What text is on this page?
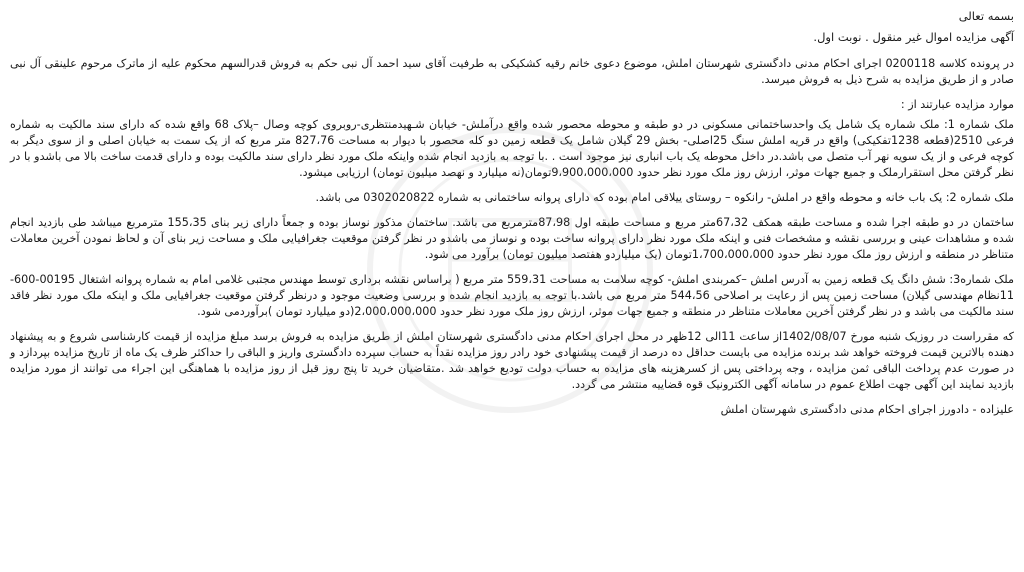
بسمه تعالی

آگهی مزایده اموال غیر منقول . نوبت اول.

در پرونده کلاسه 0200118 اجرای احکام مدنی دادگستری شهرستان املش، موضوع دعوی خانم رقیه کشکیکی به طرفیت آقای سید احمد آل نبی حکم به فروش قدرالسهم محکوم علیه از ماترک مرحوم علینقی آل نبی صادر و از طریق مزایده به شرح ذیل به فروش میرسد.

موارد مزایده عبارتند از :

ملک شماره 1: ملک شماره یک شامل یک واحدساختمانی مسکونی در دو طبقه و محوطه محصور شده واقع درآملش- خیابان شـهیدمنتظری-روبروی کوچه وصال –پلاک 68 واقع شده که دارای سند مالکیت به شماره فرعی 2510(قطعه 1238تفکیکی) واقع در قریه املش سنگ 25اصلی- بخش 29 گیلان شامل یک قطعه زمین دو کله محصور با دیوار به مساحت 827،76 متر مربع که از یک سمت به خیابان اصلی و از سوی دیگر به کوچه فرعی و از یک سویه نهر آب متصل می باشد.در داخل محوطه یک باب انباری نیز موجود است . .با توجه به بازدید انجام شده واینکه ملک مورد نظر دارای سند مالکیت بوده و دارای قدمت ساخت بالا می باشدو با در نظر گرفتن محل استقرارملک و جمیع جهات موثر، ارزش روز ملک مورد نظر حدود 9،900،000،000تومان(نه میلیارد و نهصد میلیون تومان) ارزیابی میشود.

ملک شماره 2: یک باب خانه و محوطه واقع در املش- رانکوه – روستای ییلاقی امام بوده که دارای پروانه ساختمانی به شماره 0302020822 می باشد.

ساختمان در دو طبقه اجرا شده و مساحت طبقه همکف 67،32متر مربع و مساحت طبقه اول 87،98مترمربع می باشد. ساختمان مذکور نوساز بوده و جمعاً دارای زیر بنای 155،35 مترمربع میباشد طی بازدید انجام شده و مشاهدات عینی و بررسی نقشه و مشخصات فنی و اینکه ملک مورد نظر دارای پروانه ساخت بوده و نوساز می باشدو در نظر گرفتن موقعیت جغرافیایی ملک و مساحت زیر بنای آن و لحاظ نمودن آخرین معاملات متناظر در منطقه و ارزش روز ملک مورد نظر حدود 1،700،000،000تومان (یک میلیاردو هفتصد میلیون تومان) برآورد می شود.

ملک شماره3: شش دانگ یک قطعه زمین به آدرس املش –کمربندی املش- کوچه سلامت به مساحت 559،31 متر مربع ( براساس نقشه برداری توسط مهندس مجتبی غلامی امام به شماره پروانه اشتغال 00195-600-11نظام مهندسی گیلان) مساحت زمین پس از رعایت بر اصلاحی 544،56 متر مربع می باشد.با توجه به بازدید انجام شده و بررسی وضعیت موجود و درنظر گرفتن موقعیت جغرافیایی ملک و اینکه ملک مورد نظر فاقد سند مالکیت می باشد و در نظر گرفتن آخرین معاملات متناظر در منطقه و جمیع جهات موثر، ارزش روز ملک مورد نظر حدود 2،000،000،000(دو میلیارد تومان )برآوردمی شود.

که مقرراست در روزیک شنبه مورخ 1402/08/07از ساعت 11الی 12ظهر در محل اجرای احکام مدنی دادگستری شهرستان املش از طریق مزایده به فروش برسد مبلغ مزایده از قیمت کارشناسی شروع و به پیشنهاد دهنده بالاترین قیمت فروخته خواهد شد برنده مزایده می بایست حداقل ده درصد از قیمت پیشنهادی خود رادر روز مزایده نقداً به حساب سپرده دادگستری واریز و الباقی را حداکثر ظرف یک ماه از تاریخ مزایده بپردازد و در صورت عدم پرداخت الباقی ثمن مزایده ، وجه پرداختی پس از کسرهزینه های مزایده به حساب دولت تودیع خواهد شد .متقاضیان خرید تا پنج روز قبل از روز مزایده با هماهنگی این اجراء می توانند از مورد مزایده بازدید نمایند این آگهی جهت اطلاع عموم در سامانه آگهی الکترونیک قوه قضاییه منتشر می گردد.

علیزاده - دادورز اجرای احکام مدنی دادگستری شهرستان املش
